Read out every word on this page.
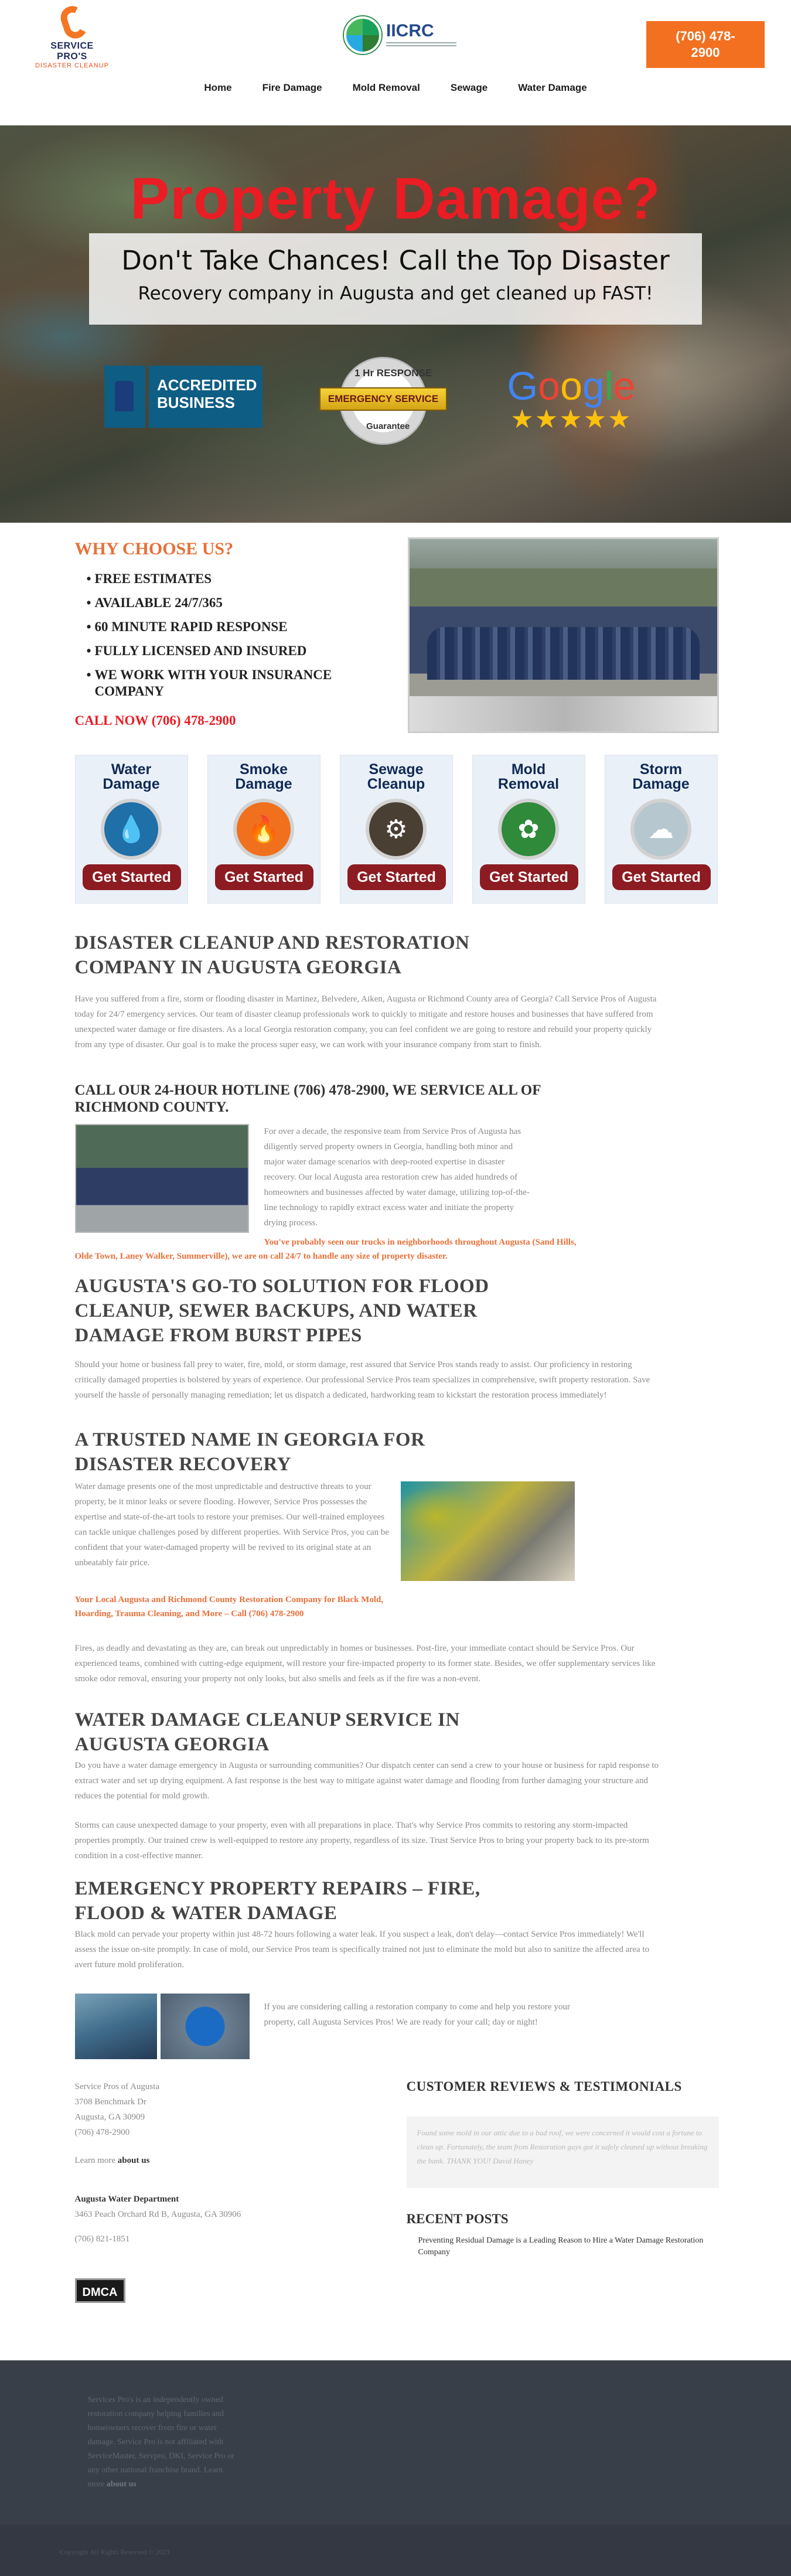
SERVICE PRO'S
DISASTER CLEANUP
IICRC	(706) 478-
2900
Home	Fire Damage	Mold Removal	Sewage	Water Damage
Property Damage?
Don't Take Chances! Call the Top Disaster
Recovery company in Augusta and get cleaned up FAST!
ACCREDITED
BUSINESS
1 Hr RESPONSE
EMERGENCY SERVICE
Guarantee
Google
★★★★★
WHY CHOOSE US?
• FREE ESTIMATES
• AVAILABLE 24/7/365
• 60 MINUTE RAPID RESPONSE
• FULLY LICENSED AND INSURED
• WE WORK WITH YOUR INSURANCE COMPANY
CALL NOW (706) 478-2900
Water
Damage
💧
Get Started
Smoke
Damage
🔥
Get Started
Sewage
Cleanup
⚙
Get Started
Mold
Removal
✿
Get Started
Storm
Damage
☁
Get Started
DISASTER CLEANUP AND RESTORATION COMPANY IN AUGUSTA GEORGIA

Have you suffered from a fire, storm or flooding disaster in Martinez, Belvedere, Aiken, Augusta or Richmond County area of Georgia? Call Service Pros of Augusta today for 24/7 emergency services. Our team of disaster cleanup professionals work to quickly to mitigate and restore houses and businesses that have suffered from unexpected water damage or fire disasters. As a local Georgia restoration company, you can feel confident we are going to restore and rebuild your property quickly from any type of disaster. Our goal is to make the process super easy, we can work with your insurance company from start to finish.

CALL OUR 24-HOUR HOTLINE (706) 478-2900, WE SERVICE ALL OF RICHMOND COUNTY.

For over a decade, the responsive team from Service Pros of Augusta has diligently served property owners in Georgia, handling both minor and major water damage scenarios with deep-rooted expertise in disaster recovery. Our local Augusta area restoration crew has aided hundreds of homeowners and businesses affected by water damage, utilizing top-of-the-line technology to rapidly extract excess water and initiate the property drying process.

You've probably seen our trucks in neighborhoods throughout Augusta (Sand Hills, Olde Town, Laney Walker, Summerville), we are on call 24/7 to handle any size of property disaster.

AUGUSTA'S GO-TO SOLUTION FOR FLOOD CLEANUP, SEWER BACKUPS, AND WATER DAMAGE FROM BURST PIPES

Should your home or business fall prey to water, fire, mold, or storm damage, rest assured that Service Pros stands ready to assist. Our proficiency in restoring critically damaged properties is bolstered by years of experience. Our professional Service Pros team specializes in comprehensive, swift property restoration. Save yourself the hassle of personally managing remediation; let us dispatch a dedicated, hardworking team to kickstart the restoration process immediately!

A TRUSTED NAME IN GEORGIA FOR DISASTER RECOVERY

Water damage presents one of the most unpredictable and destructive threats to your property, be it minor leaks or severe flooding. However, Service Pros possesses the expertise and state-of-the-art tools to restore your premises. Our well-trained employees can tackle unique challenges posed by different properties. With Service Pros, you can be confident that your water-damaged property will be revived to its original state at an unbeatably fair price.

Your Local Augusta and Richmond County Restoration Company for Black Mold, Hoarding, Trauma Cleaning, and More – Call (706) 478-2900

Fires, as deadly and devastating as they are, can break out unpredictably in homes or businesses. Post-fire, your immediate contact should be Service Pros. Our experienced teams, combined with cutting-edge equipment, will restore your fire-impacted property to its former state. Besides, we offer supplementary services like smoke odor removal, ensuring your property not only looks, but also smells and feels as if the fire was a non-event.

WATER DAMAGE CLEANUP SERVICE IN AUGUSTA GEORGIA

Do you have a water damage emergency in Augusta or surrounding communities? Our dispatch center can send a crew to your house or business for rapid response to extract water and set up drying equipment. A fast response is the best way to mitigate against water damage and flooding from further damaging your structure and reduces the potential for mold growth.

Storms can cause unexpected damage to your property, even with all preparations in place. That's why Service Pros commits to restoring any storm-impacted properties promptly. Our trained crew is well-equipped to restore any property, regardless of its size. Trust Service Pros to bring your property back to its pre-storm condition in a cost-effective manner.

EMERGENCY PROPERTY REPAIRS – FIRE, FLOOD & WATER DAMAGE

Black mold can pervade your property within just 48-72 hours following a water leak. If you suspect a leak, don't delay—contact Service Pros immediately! We'll assess the issue on-site promptly. In case of mold, our Service Pros team is specifically trained not just to eliminate the mold but also to sanitize the affected area to avert future mold proliferation.

If you are considering calling a restoration company to come and help you restore your property, call Augusta Services Pros! We are ready for your call; day or night!

Service Pros of Augusta

3708 Benchmark Dr

Augusta, GA 30909

(706) 478-2900

Learn more about us

Augusta Water Department

3463 Peach Orchard Rd B, Augusta, GA 30906

(706) 821-1851

DMCA
CUSTOMER REVIEWS & TESTIMONIALS
Found some mold in our attic due to a bad roof, we were concerned it would cost a fortune to clean up. Fortunately, the team from Restoration guys got it safely cleaned up without breaking the bank. THANK YOU! David Haney
RECENT POSTS
Preventing Residual Damage is a Leading Reason to Hire a Water Damage Restoration Company
Services Pro's is an independently owned restoration company helping families and homeowners recover from fire or water damage. Service Pro is not affiliated with ServiceMaster, Servpro, DKI, Service Pro or any other national franchise brand. Learn more about us
Copyright All Rights Reserved © 2023
